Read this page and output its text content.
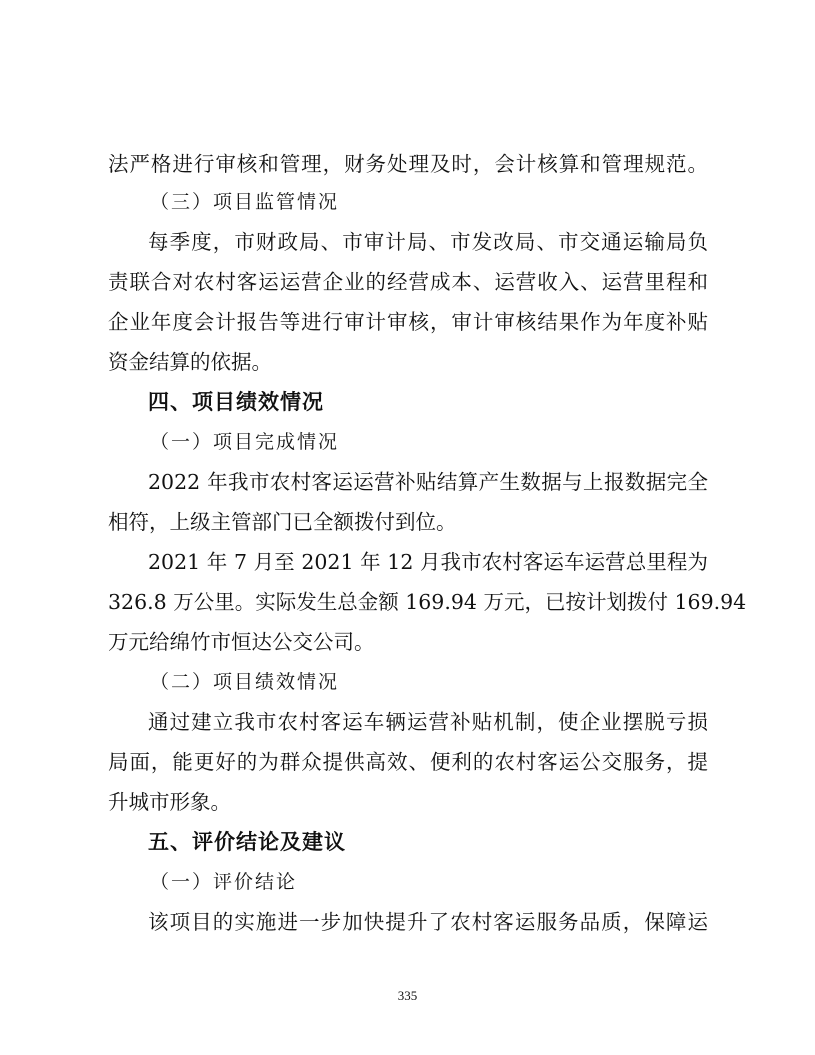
法严格进行审核和管理，财务处理及时，会计核算和管理规范。
（三）项目监管情况
每季度，市财政局、市审计局、市发改局、市交通运输局负
责联合对农村客运运营企业的经营成本、运营收入、运营里程和
企业年度会计报告等进行审计审核，审计审核结果作为年度补贴
资金结算的依据。
四、项目绩效情况
（一）项目完成情况
2022 年我市农村客运运营补贴结算产生数据与上报数据完全
相符，上级主管部门已全额拨付到位。
2021 年 7 月至 2021 年 12 月我市农村客运车运营总里程为
326.8 万公里。实际发生总金额 169.94 万元，已按计划拨付 169.94
万元给绵竹市恒达公交公司。
（二）项目绩效情况
通过建立我市农村客运车辆运营补贴机制，使企业摆脱亏损
局面，能更好的为群众提供高效、便利的农村客运公交服务，提
升城市形象。
五、评价结论及建议
（一）评价结论
该项目的实施进一步加快提升了农村客运服务品质，保障运
335
